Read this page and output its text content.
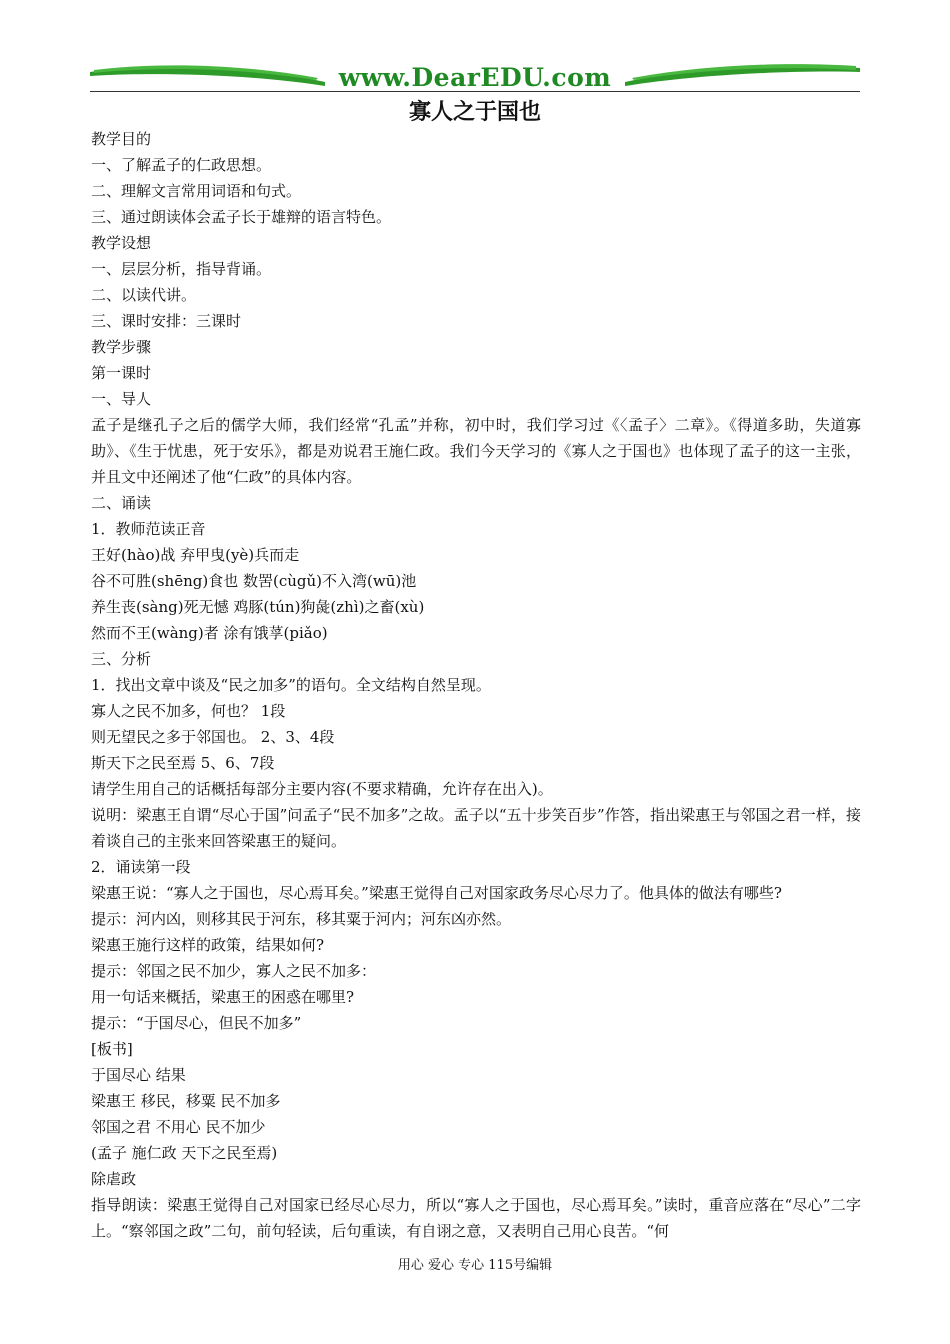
www.DearEDU.com
寡人之于国也

教学目的

一、了解孟子的仁政思想。

二、理解文言常用词语和句式。

三、通过朗读体会孟子长于雄辩的语言特色。

教学设想

一、层层分析，指导背诵。

二、以读代讲。

三、课时安排：三课时

教学步骤

第一课时

一、导人

孟子是继孔子之后的儒学大师，我们经常“孔孟”并称，初中时，我们学习过《〈孟子〉二章》。《得道多助，失道寡助》、《生于忧患，死于安乐》，都是劝说君王施仁政。我们今天学习的《寡人之于国也》也体现了孟子的这一主张，并且文中还阐述了他“仁政”的具体内容。

二、诵读

1．教师范读正音

王好(hào)战 弃甲曳(yè)兵而走

谷不可胜(shēng)食也 数罟(cùgǔ)不入湾(wū)池

养生丧(sàng)死无憾 鸡豚(tún)狗彘(zhì)之畜(xù)

然而不王(wàng)者 涂有饿莩(piǎo)

三、分析

1．找出文章中谈及“民之加多”的语句。全文结构自然呈现。

寡人之民不加多，何也？ 1段

则无望民之多于邻国也。 2、3、4段

斯天下之民至焉 5、6、7段

请学生用自己的话概括每部分主要内容(不要求精确，允许存在出入)。

说明：梁惠王自谓“尽心于国”问孟子“民不加多”之故。孟子以“五十步笑百步”作答，指出梁惠王与邻国之君一样，接着谈自己的主张来回答梁惠王的疑问。

2．诵读第一段

梁惠王说：“寡人之于国也，尽心焉耳矣。”梁惠王觉得自己对国家政务尽心尽力了。他具体的做法有哪些?

提示：河内凶，则移其民于河东，移其粟于河内；河东凶亦然。

梁惠王施行这样的政策，结果如何?

提示：邻国之民不加少，寡人之民不加多：

用一句话来概括，梁惠王的困惑在哪里?

提示：“于国尽心，但民不加多”

[板书]

于国尽心 结果

梁惠王 移民，移粟 民不加多

邻国之君 不用心 民不加少

(孟子 施仁政 天下之民至焉)

除虐政

指导朗读：梁惠王觉得自己对国家已经尽心尽力，所以“寡人之于国也，尽心焉耳矣。”读时，重音应落在“尽心”二字上。“察邻国之政”二句，前句轻读，后句重读，有自诩之意，又表明自己用心良苦。“何

用心 爱心 专心 115号编辑
